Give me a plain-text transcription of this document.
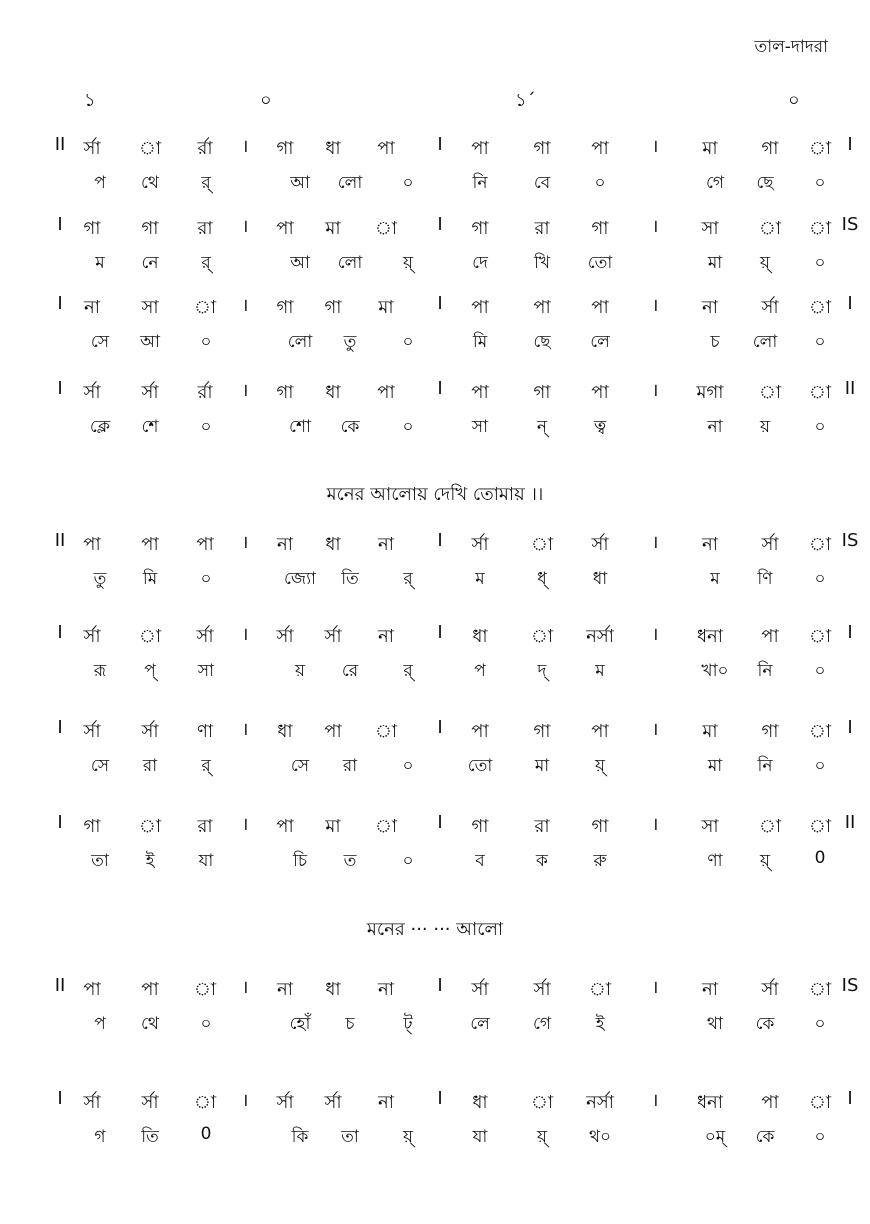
তাল-দাদরা
১	০	১´	০
II র্সা া র্রা । গা ধা পা I পা গা পা । মা গা া I
প থে র্	আ লো ০	নি	বে	০	গে ছে ০
I গা গা রা । পা মা া I গা	রা গা । সা া া IS
ম নে	র্	আ লো য়্	দে	খি তো	মা য়্	০
I না সা া । গা গা মা I পা পা পা । না র্সা া I
সে আ ০	লো তু	০	মি	ছে লে	চ লো ০
I র্সা র্সা র্রা । গা ধা পা I পা গা পা । মগা া া II
ক্লে শে ০	শো কে	০	সা	ন্	ত্ব	না য়	০
মনের আলোয় দেখি তোমায় ।।
II পা পা পা । না ধা না I র্সা া র্সা । না র্সা া IS
তু মি	০	জ্যো তি	র্	ম	ধ্	ধা	ম ণি ০
I র্সা া র্সা । র্সা র্সা না I ধা া নর্সা । ধনা পা া I
রূ প্ সা	য় রে	র্	প	দ্	ম	খা০ নি ০
I র্সা র্সা ণা । ধা পা া I পা গা পা । মা গা া I
সে রা	র্	সে রা	০	তো	মা	য়্	মা নি ০
I গা া রা । পা মা া I গা	রা গা । সা া া II
তা ই	যা	চি ত	০	ব	ক	রু	ণা য়্	0
মনের ··· ··· আলো
II পা পা া । না ধা না I র্সা র্সা া । না র্সা া IS
প থে ০	হোঁ চ	ট্	লে	গে	ই	থা কে ০
I র্সা র্সা া । র্সা র্সা না I ধা া নর্সা । ধনা পা া I
গ তি 0	কি তা	য়্	যা	য়্ থ০	০ম্ কে ০
